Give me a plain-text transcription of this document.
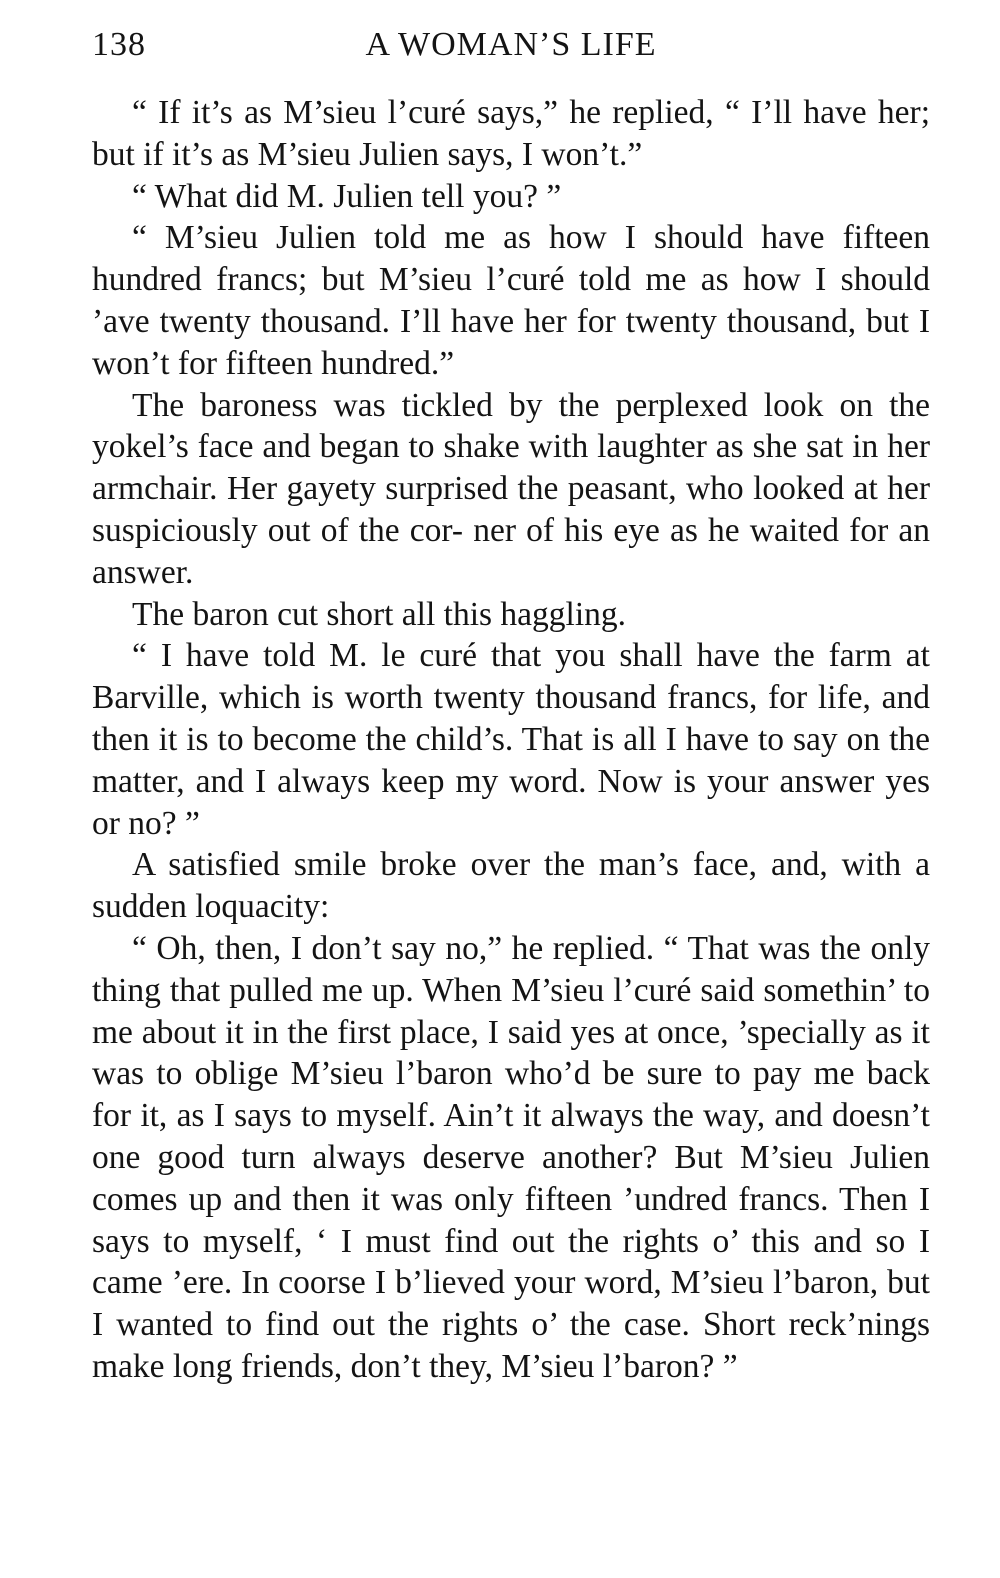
138	A WOMAN’S LIFE

“ If it’s as M’sieu l’curé says,” he replied, “ I’ll have her; but if it’s as M’sieu Julien says, I won’t.”

“ What did M. Julien tell you? ”

“ M’sieu Julien told me as how I should have fifteen hundred francs; but M’sieu l’curé told me as how I should ’ave twenty thousand. I’ll have her for twenty thousand, but I won’t for fifteen hundred.”

The baroness was tickled by the perplexed look on the yokel’s face and began to shake with laughter as she sat in her armchair. Her gayety surprised the peasant, who looked at her suspiciously out of the cor- ner of his eye as he waited for an answer.

The baron cut short all this haggling.

“ I have told M. le curé that you shall have the farm at Barville, which is worth twenty thousand francs, for life, and then it is to become the child’s. That is all I have to say on the matter, and I always keep my word. Now is your answer yes or no? ”

A satisfied smile broke over the man’s face, and, with a sudden loquacity:

“ Oh, then, I don’t say no,” he replied. “ That was the only thing that pulled me up. When M’sieu l’curé said somethin’ to me about it in the first place, I said yes at once, ’specially as it was to oblige M’sieu l’baron who’d be sure to pay me back for it, as I says to myself. Ain’t it always the way, and doesn’t one good turn always deserve another? But M’sieu Julien comes up and then it was only fifteen ’undred francs. Then I says to myself, ‘ I must find out the rights o’ this and so I came ’ere. In coorse I b’lieved your word, M’sieu l’baron, but I wanted to find out the rights o’ the case. Short reck’nings make long friends, don’t they, M’sieu l’baron? ”
